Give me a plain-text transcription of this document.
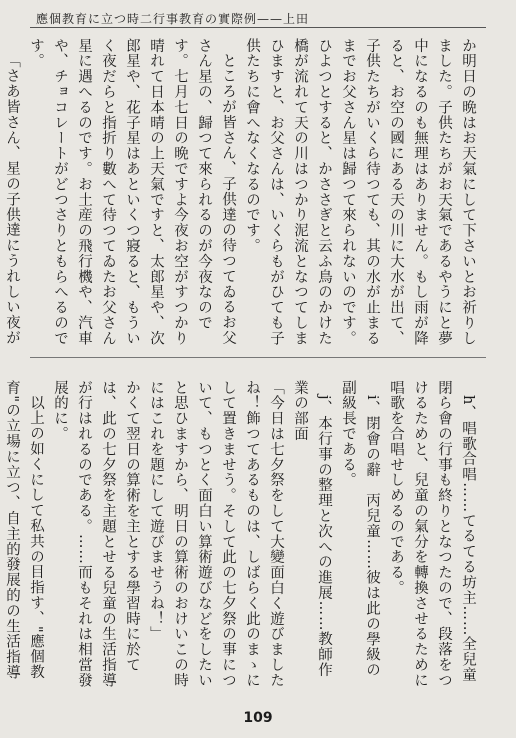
應個教育に立つ時二行事教育の實際例——上田

か明日の晩はお天氣にして下さいとお祈りしました。子供たちがお天氣であるやうにと夢中になるのも無理はありません。もし雨が降ると、お空の國にある天の川に大水が出て、子供たちがいくら待つても、其の水が止まるまでお父さん星は歸つて來られないのです。ひよつとすると、かささぎと云ふ鳥のかけた橋が流れて天の川はつかり泥流となつてしまひますと、お父さんは、いくらもがひても子供たちに會へなくなるのです。

ところが皆さん、子供達の待つてゐるお父さん星の、歸つて來られるのが今夜なのです。七月七日の晩ですよ今夜お空がすつかり晴れて日本晴の上天氣ですと、太郎星や、次郎星や、花子星はあといくつ寢ると、もういく夜だらと指折り數へて待つてゐたお父さん星に遇へるのです。お土産の飛行機や、汽車や、チョコレートがどつさりともらへるのです。

「さあ皆さん、星の子供達にうれしい夜が

h、唱歌合唱……てるてる坊主……全兒童

閉ら會の行事も終りとなつたので、段落をつけるためと、兒童の氣分を轉換させるために唱歌を合唱せしめるのである。

i、閉會の辭　丙兒童……彼は此の學級の副級長である。

j、本行事の整理と次への進展……教師作業の部面

「今日は七夕祭をして大變面白く遊びましたね！飾つてあるものは、しばらく此のまゝにして置きませう。そして此の七夕祭の事について、もつとく面白い算術遊びなどをしたいと思ひますから、明日の算術のおけいこの時にはこれを題にして遊びませうね！」

かくて翌日の算術を主とする學習時に於ては、此の七夕祭を主題とせる兒童の生活指導が行はれるのである。……而もそれは相當發展的に。

以上の如くにして私共の目指す、"應個教育"の立場に立つ、自主的發展的の生活指導

109
